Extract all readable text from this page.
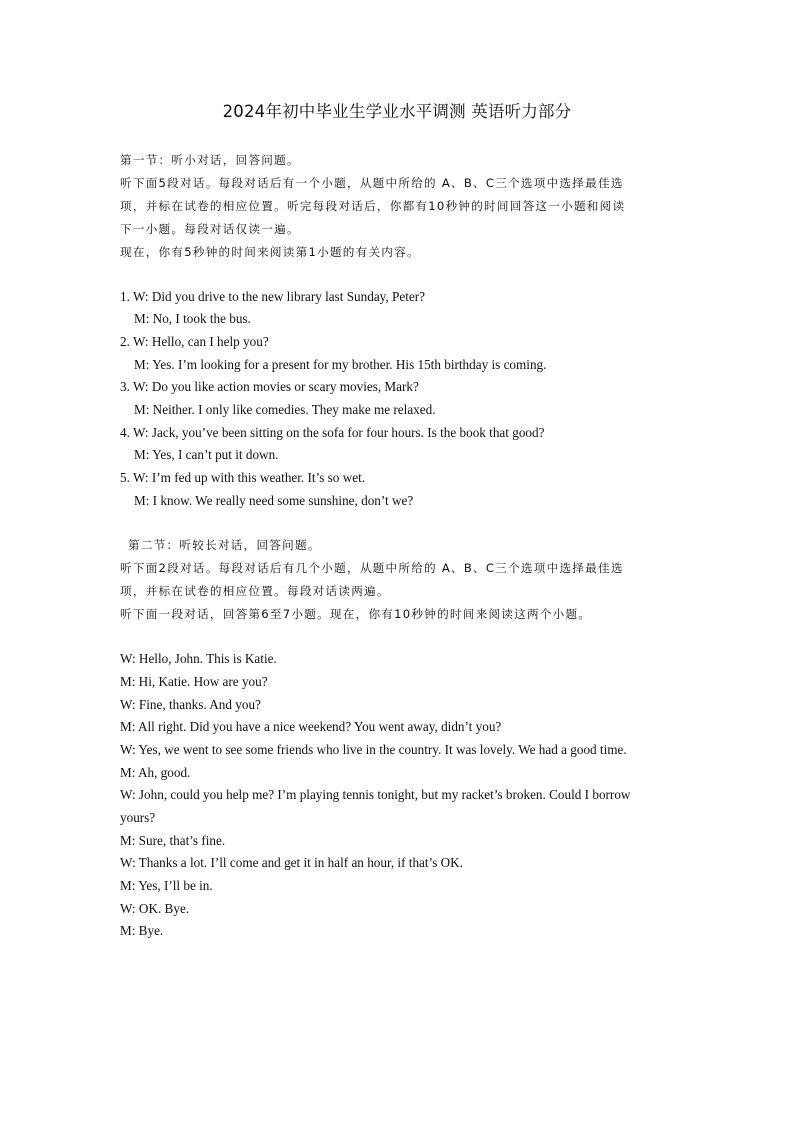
2024年初中毕业生学业水平调测 英语听力部分
第一节：听小对话，回答问题。
听下面5段对话。每段对话后有一个小题，从题中所给的 A、B、C三个选项中选择最佳选
项，并标在试卷的相应位置。听完每段对话后，你都有10秒钟的时间回答这一小题和阅读
下一小题。每段对话仅读一遍。
现在，你有5秒钟的时间来阅读第1小题的有关内容。
1. W: Did you drive to the new library last Sunday, Peter?
M: No, I took the bus.
2. W: Hello, can I help you?
M: Yes. I’m looking for a present for my brother. His 15th birthday is coming.
3. W: Do you like action movies or scary movies, Mark?
M: Neither. I only like comedies. They make me relaxed.
4. W: Jack, you’ve been sitting on the sofa for four hours. Is the book that good?
M: Yes, I can’t put it down.
5. W: I’m fed up with this weather. It’s so wet.
M: I know. We really need some sunshine, don’t we?
第二节：听较长对话，回答问题。
听下面2段对话。每段对话后有几个小题，从题中所给的 A、B、C三个选项中选择最佳选
项，并标在试卷的相应位置。每段对话读两遍。
听下面一段对话，回答第6至7小题。现在，你有10秒钟的时间来阅读这两个小题。
W: Hello, John. This is Katie.
M: Hi, Katie. How are you?
W: Fine, thanks. And you?
M: All right. Did you have a nice weekend? You went away, didn’t you?
W: Yes, we went to see some friends who live in the country. It was lovely. We had a good time.
M: Ah, good.
W: John, could you help me? I’m playing tennis tonight, but my racket’s broken. Could I borrow
yours?
M: Sure, that’s fine.
W: Thanks a lot. I’ll come and get it in half an hour, if that’s OK.
M: Yes, I’ll be in.
W: OK. Bye.
M: Bye.
